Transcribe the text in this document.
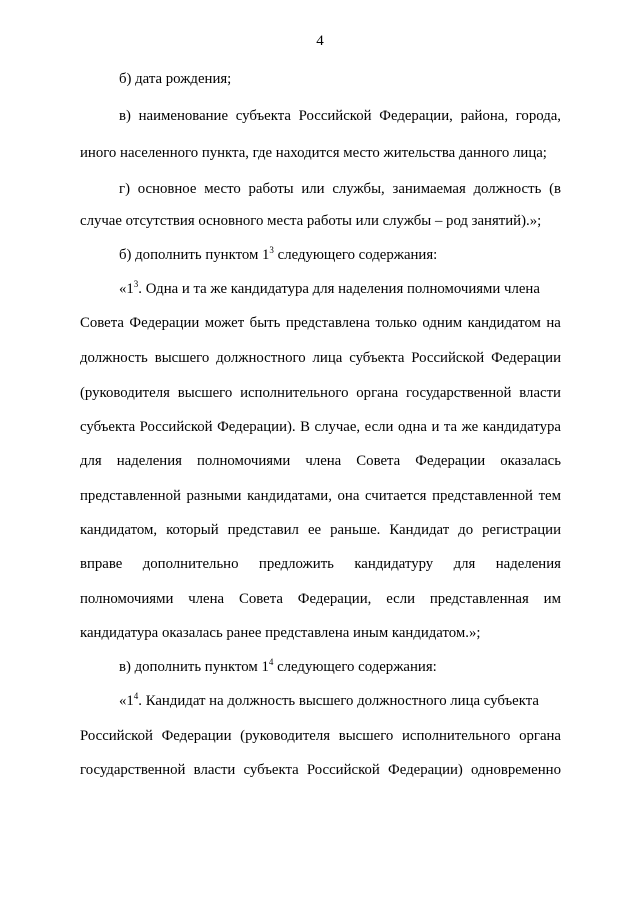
4
б) дата рождения;
в) наименование субъекта Российской Федерации, района, города,
иного населенного пункта, где находится место жительства данного лица;
г) основное место работы или службы, занимаемая должность (в
случае отсутствия основного места работы или службы – род занятий).»;
б) дополнить пунктом $1^3$ следующего содержания:
«$1^3$. Одна и та же кандидатура для наделения полномочиями члена
Совета Федерации может быть представлена только одним кандидатом на
должность высшего должностного лица субъекта Российской Федерации
(руководителя высшего исполнительного органа государственной власти
субъекта Российской Федерации). В случае, если одна и та же кандидатура
для наделения полномочиями члена Совета Федерации оказалась
представленной разными кандидатами, она считается представленной тем
кандидатом, который представил ее раньше. Кандидат до регистрации
вправе дополнительно предложить кандидатуру для наделения
полномочиями члена Совета Федерации, если представленная им
кандидатура оказалась ранее представлена иным кандидатом.»;
в) дополнить пунктом $1^4$ следующего содержания:
«$1^4$. Кандидат на должность высшего должностного лица субъекта
Российской Федерации (руководителя высшего исполнительного органа
государственной власти субъекта Российской Федерации) одновременно
